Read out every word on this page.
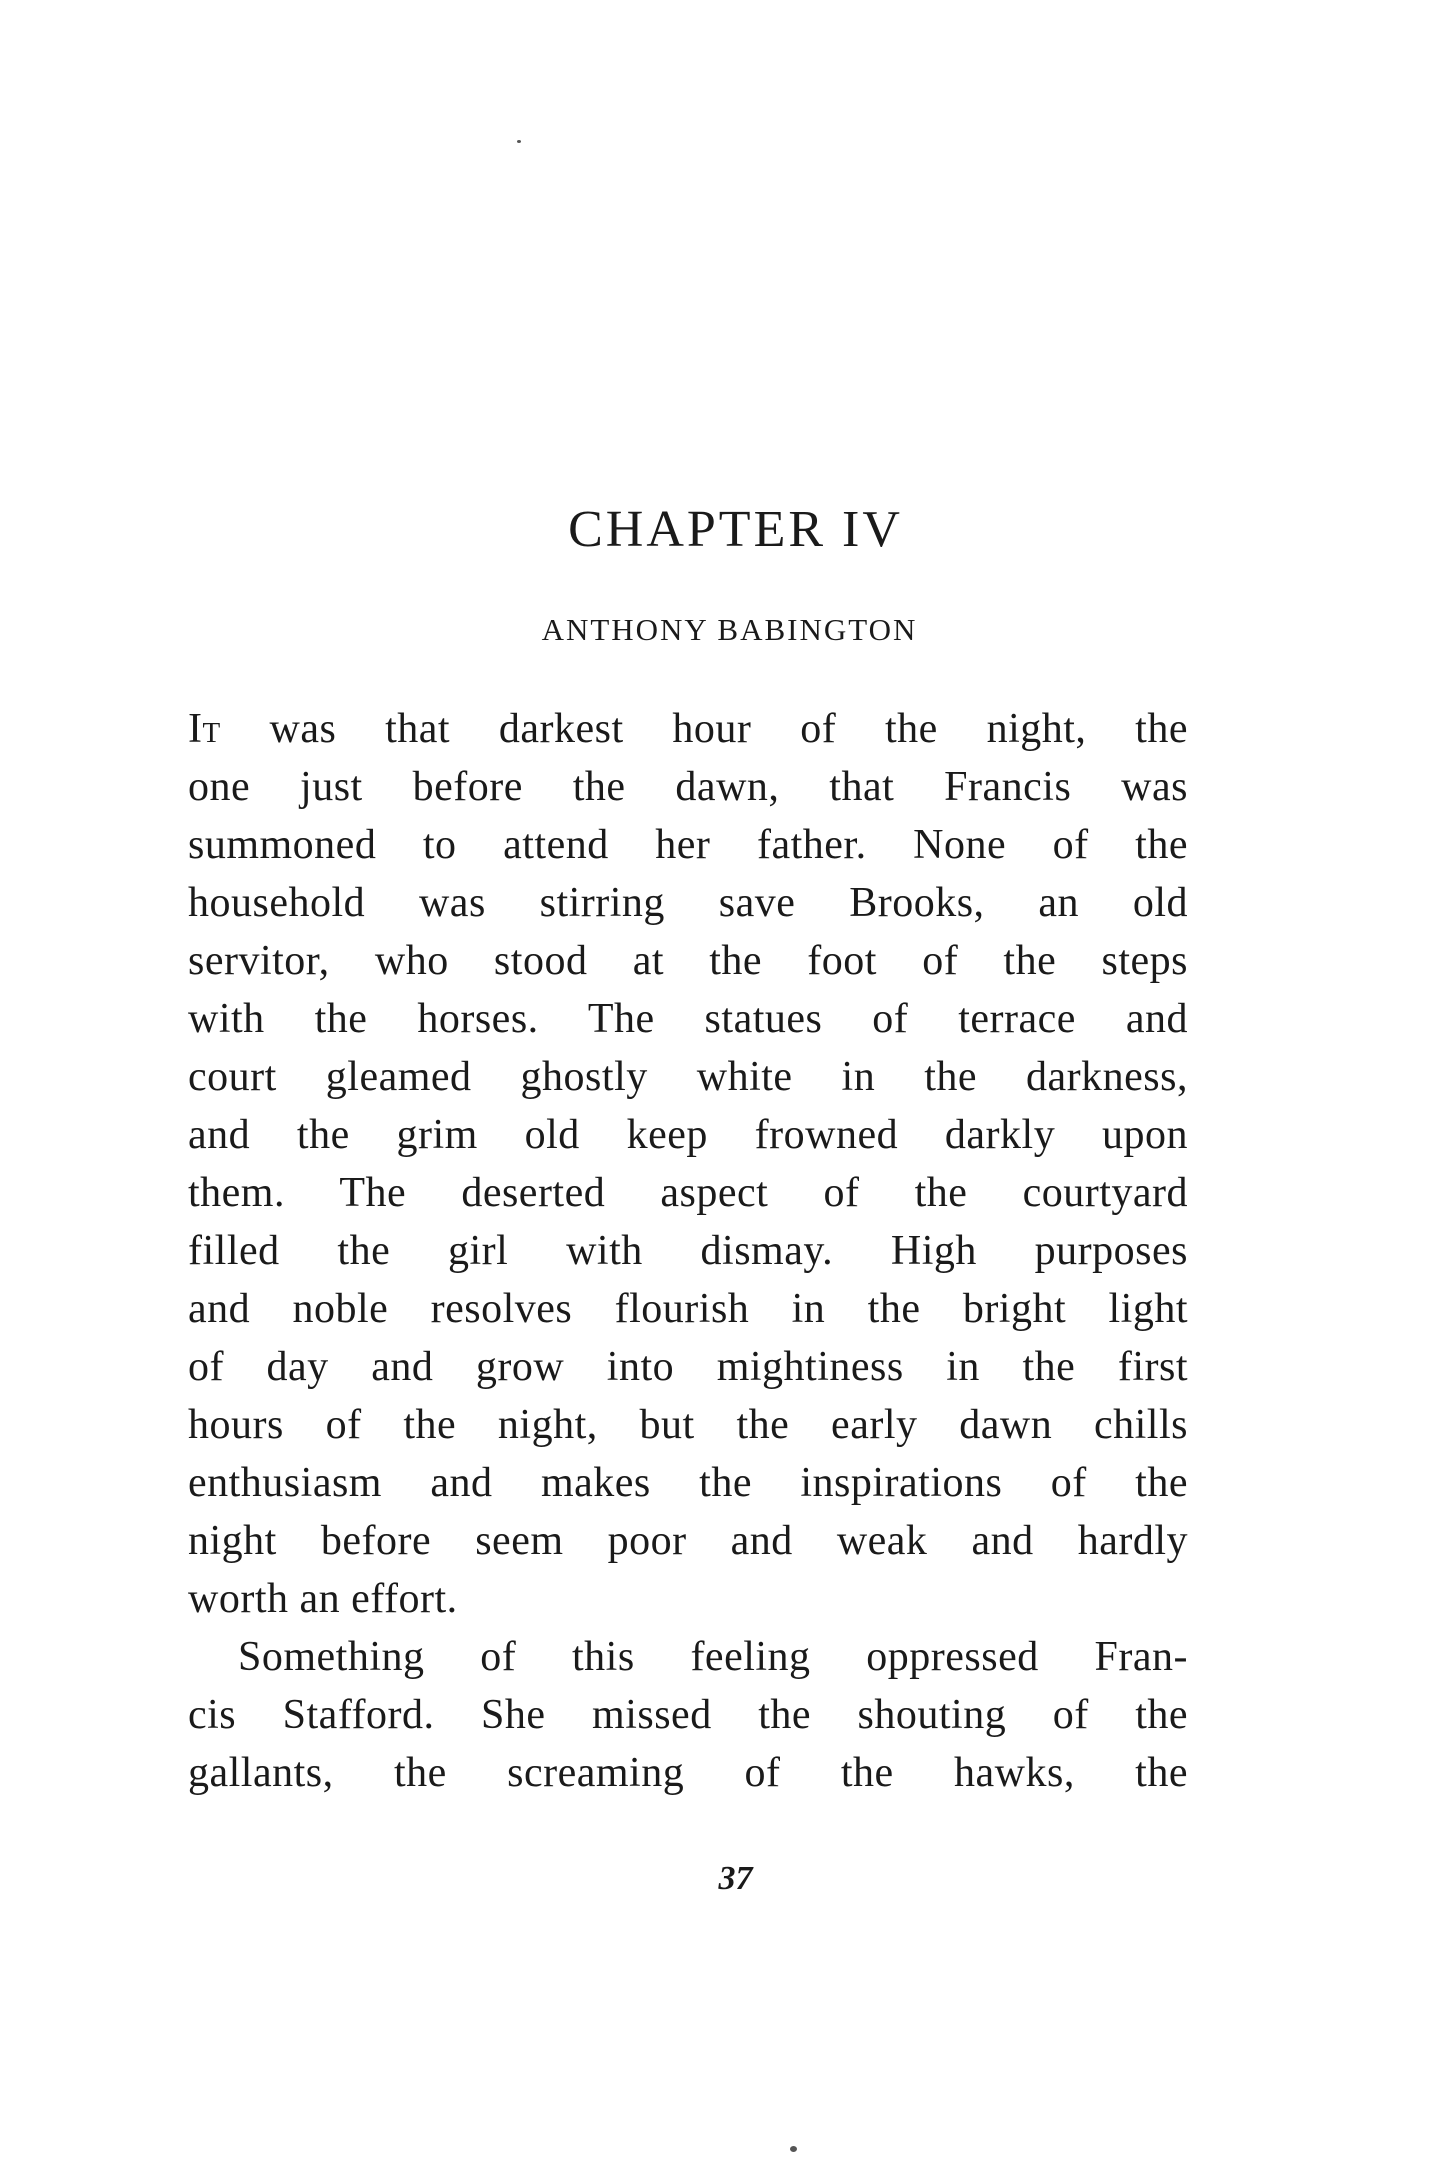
CHAPTER IV
ANTHONY BABINGTON
It was that darkest hour of the night, the
one just before the dawn, that Francis was
summoned to attend her father. None of the
household was stirring save Brooks, an old
servitor, who stood at the foot of the steps
with the horses. The statues of terrace and
court gleamed ghostly white in the darkness,
and the grim old keep frowned darkly upon
them. The deserted aspect of the courtyard
filled the girl with dismay. High purposes
and noble resolves flourish in the bright light
of day and grow into mightiness in the first
hours of the night, but the early dawn chills
enthusiasm and makes the inspirations of the
night before seem poor and weak and hardly
worth an effort.
Something of this feeling oppressed Fran-
cis Stafford. She missed the shouting of the
gallants, the screaming of the hawks, the
37
